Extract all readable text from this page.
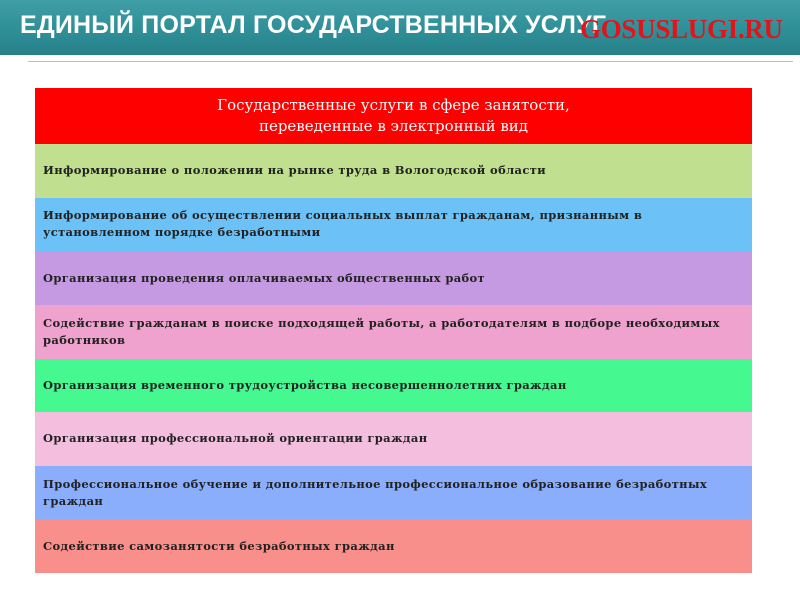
ЕДИНЫЙ ПОРТАЛ ГОСУДАРСТВЕННЫХ УСЛУГ
GOSUSLUGI.RU
Государственные услуги в сфере занятости,
переведенные в электронный вид
Информирование о положении на рынке труда в Вологодской области
Информирование об осуществлении социальных выплат гражданам, признанным в установленном порядке безработными
Организация проведения оплачиваемых общественных работ
Содействие гражданам в поиске подходящей работы, а работодателям в подборе необходимых работников
Организация временного трудоустройства несовершеннолетних граждан
Организация профессиональной ориентации граждан
Профессиональное обучение и дополнительное профессиональное образование безработных граждан
Содействие самозанятости безработных граждан
